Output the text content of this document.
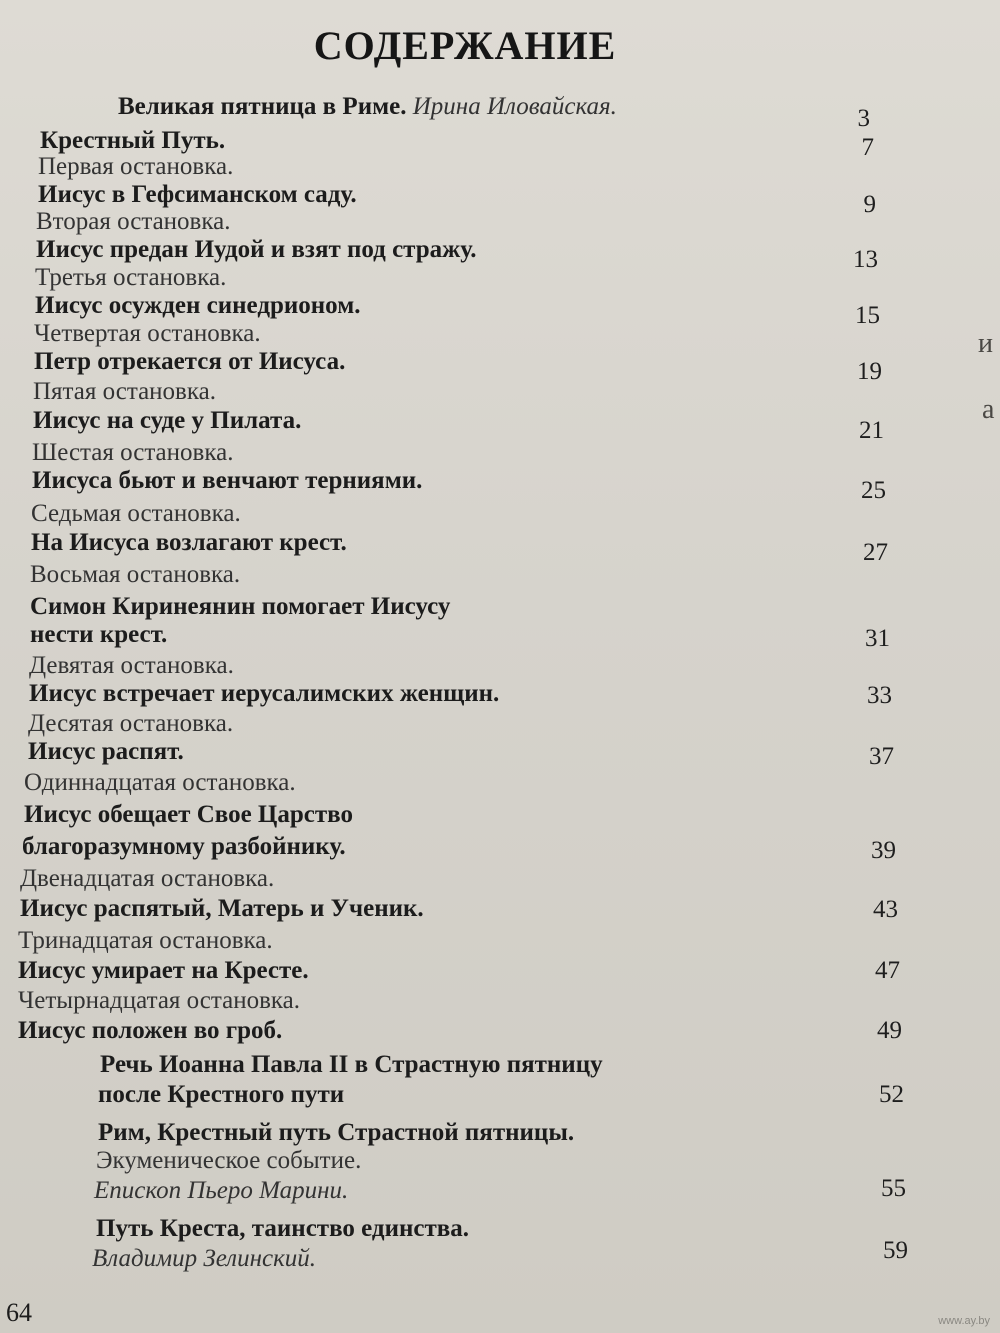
СОДЕРЖАНИЕ
Великая пятница в Риме. Ирина Иловайская.	3
Крестный Путь.	7
Первая остановка.
Иисус в Гефсиманском саду.	9
Вторая остановка.
Иисус предан Иудой и взят под стражу.	13
Третья остановка.
Иисус осужден синедрионом.	15
Четвертая остановка.
Петр отрекается от Иисуса.	19
Пятая остановка.
Иисус на суде у Пилата.	21
Шестая остановка.
Иисуса бьют и венчают терниями.	25
Седьмая остановка.
На Иисуса возлагают крест.	27
Восьмая остановка.
Симон Киринеянин помогает Иисусу
нести крест.	31
Девятая остановка.
Иисус встречает иерусалимских женщин.	33
Десятая остановка.
Иисус распят.	37
Одиннадцатая остановка.
Иисус обещает Свое Царство
благоразумному разбойнику.	39
Двенадцатая остановка.
Иисус распятый, Матерь и Ученик.	43
Тринадцатая остановка.
Иисус умирает на Кресте.	47
Четырнадцатая остановка.
Иисус положен во гроб.	49
Речь Иоанна Павла II в Страстную пятницу
после Крестного пути	52
Рим, Крестный путь Страстной пятницы.
Экуменическое событие.
Епископ Пьеро Марини.	55
Путь Креста, таинство единства.
Владимир Зелинский.	59
64
и
а
www.ay.by
